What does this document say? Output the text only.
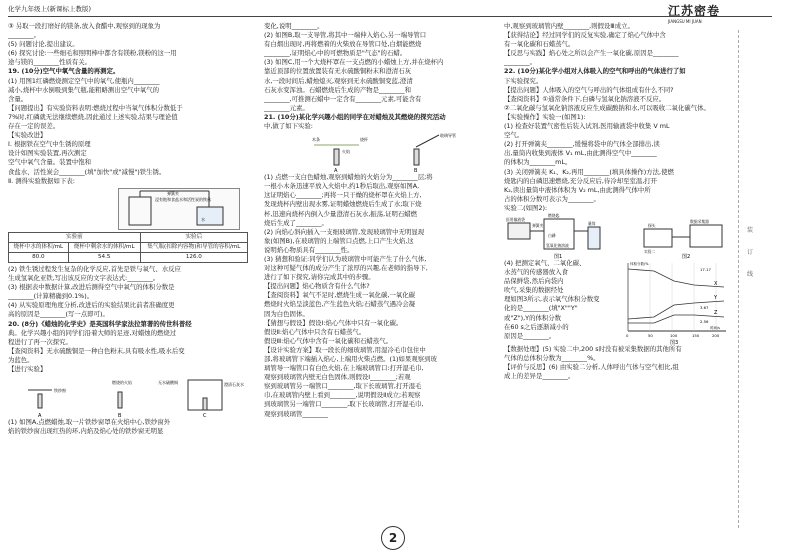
化学九年级上(新课标上教版)	江苏密卷
JIANGSU MI JUAN

③ 另取一段打磨好的镁条,放入食醋中,观察到的现象为

________。

(5) 问题讨论,提出建议。

(6) 探究讨论:一些细毛和照明棒中都含有镁粉,镁粉的这一用

途与镁的________性质有关。

19. (10分)空气中氧气含量的再测定。

(1) 用图1红磷燃烧测定空气中的氧气,使瓶内________

减小,烧杯中水倒吸到集气瓶,能粗略测出空气中氧气的

含量。

【问题提出】有实验资料表明:燃烧过程中当氧气体积分数低于

7%时,红磷就无法继续燃烧,因此通过上述实验,结果与理论值

存在一定的误差。

【实验改进】

Ⅰ. 根据铁在空气中生锈的原理

设计如图实验装置,再次测定

空气中氧气含量。装置中饱和

食盐水、活性炭会________(填"加快"或"减慢")铁生锈。

Ⅱ. 测得实验数据如下表:

浸有饱和食盐水和活性炭的铁丝
水
弹簧夹
实验前		实验后
烧杯中水的体积/mL	烧杯中剩余水的体积/mL	集气瓶(扣除内容物)和导管的容积/mL
80.0	54.5	126.0

(2) 铁生锈过程发生复杂的化学反应,首先是铁与氧气、水反应

生成氢氧化亚铁,写出该反应的文字表达式:________。

(3) 根据表中数据计算,改进后测得空气中氧气的体积分数是

________(计算精确到0.1%)。

(4) 从实验原理角度分析,改进后的实验结果比前者准确度更

高的原因是________(写一点即可)。

20. (8分)《蜡烛的化学史》是英国科学家法拉第著的传世科普经

典。化学兴趣小组的同学们沿着大师的足迹,对蜡烛的燃烧过

程进行了再一次探究。

【查阅资料】无水硫酸铜是一种白色粉末,具有吸水性,吸水后变

为蓝色。

【进行实验】

A	B	C
铁纱窗
燃烧的火焰	无水硫酸铜	澄清石灰水

(1) 如图A,点燃蜡烛,取一片铁纱窗罩在火焰中心,铁纱窗外

焰的铁纱窗出现红热的环,内焰及焰心处的铁纱窗无明显

变化,说明________。

(2) 如图B,取一支导管,将其中一端伸入焰心,另一端导管口

有白烟出现时,再将燃着的火柴放在导管口处,白烟能燃烧

________,证明焰心中的可燃物质是"气态"的石蜡。

(3) 如图C,用一个大烧杯罩在一支点燃的小蜡烛上方,并在烧杯内

靠近顶部的位置放置装有无水硫酸铜粉末和澄清石灰

水,一段时间后,蜡烛熄灭,观察到无水硫酸铜变蓝,澄清

石灰水变浑浊。石蜡燃烧后生成的产物是________和

________,可推测石蜡中一定含有________元素,可能含有

________元素。

21. (10分)某化学兴趣小组的同学在对蜡烛及其燃烧的探究活动

中,做了如下实验:

A	B
木条
玻璃导管
火焰
烧杯

(1) 点燃一支白色蜡烛,观察到蜡烛的火焰分为________层;将

一根小木条迅速平放入火焰中,约1秒后取出,观察如图A,

这证明焰心________;再将一只干燥的烧杯罩在火焰上方,

发现烧杯内壁出现水雾,证明蜡烛燃烧后生成了水;取下烧

杯,迅速向烧杯内倒入少量澄清石灰水,振荡,证明石蜡燃

烧后生成了________。

(2) 向焰心斜向插入一支细玻璃管,发现玻璃管中无明显现

象(如图B),在玻璃管的上端管口点燃,上口产生火焰,这

说明焰心物质具有________性。

(3) 猜想和验证:同学们认为玻璃管中可能产生了什么气体,

对这种可疑气体的成分产生了浓厚的兴趣,在老师的指导下,

进行了如下探究,请你完成其中的步骤。

【提出问题】焰心物质含有什么气体?

【查阅资料】氧气不足时,燃烧生成一氧化碳,一氧化碳

燃烧时火焰呈淡蓝色,产生蓝色火焰;石蜡蒸气遇冷会凝

固为白色固体。

【猜想与假设】假设Ⅰ:焰心气体中只有一氧化碳。

假设Ⅱ:焰心气体中只含有石蜡蒸气。

假设Ⅲ:焰心气体中含有一氧化碳和石蜡蒸气。

【设计实验方案】取一段长的细玻璃管,用湿冷毛巾包住中

部,将玻璃管下端插入焰心,上端用火柴点燃。(1)如果观察到玻

璃管导一端管口有白色火焰,在上端玻璃管口:打开湿毛巾,

观察到玻璃管内壁无白色固体,则假设Ⅰ________;若观

察到玻璃管另一端管口________,取下长玻璃管,打开湿毛

巾,在玻璃管内壁上看到________,说明假设Ⅱ成立;若观察

到玻璃管另一端管口________,取下长玻璃管,打开湿毛巾,

观察到玻璃管________

中,观察到玻璃管内壁________,则假设Ⅲ成立。

【获得结论】经过同学们的反复实验,确定了焰心气体中含

有一氧化碳和石蜡蒸气。

【反思与实践】焰心处之所以会产生一氧化碳,原因是________

________。

22. (10分)某化学小组对人体吸入的空气和呼出的气体进行了如

下实验探究。

【提出问题】人体吸入的空气与呼出的气体组成有什么不同?

【查阅资料】①通常条件下,白磷与氢氧化钠溶液不反应。

②二氧化碳与氢氧化钠溶液反应生成碳酸钠和水,可以吸收二氧化碳气体。

【实验操作】实验一(如图1):

(1) 检查好装置气密性后装入试剂,医用输液袋中收集 V mL

空气。

(2) 打开弹簧夹________,缓慢将袋中的气体全部排出,读

出,量筒内收集到液体 V₁ mL,由此测得空气中________

的体积为________mL。

(3) 关闭弹簧夹 K₁、K₂,再用________(填具体操作)方法,使燃

烧匙内的白磷迅速燃烧,充分反应后,待冷却至室温,打开

K₂,读出量筒中液体体积为 V₂ mL,由此测得气体中所

占的体积分数可表示为________。

实验二(如图2):

图1	图2
医用输液袋
弹簧夹
白磷
燃烧匙
氢氧化钠溶液
量筒
实验二
探头
数据采集器

(4) 把测定氧气、二氧化碳、

水蒸气的传感器放入食

品保鲜袋,然后向袋内

吹气,采集的数据经处

理如图3所示,表示氧气体积分数变

化的是________(填"X""Y"

或"Z"),Y的体积分数

在60 s之后逐渐减小的

原因是________。

X
Y
Z
17.17
3.67
2.56
0	50	100	150	200
图3
时间/s
体积分数/%

【数据处理】(5) 实验二中,200 s时没有被采集数据的其他所有

气体的总体积分数为________%。

【评价与反思】(6) 由实验二分析,人体呼出气体与空气相比,组

成上的差异是________。

装
订
线
2
